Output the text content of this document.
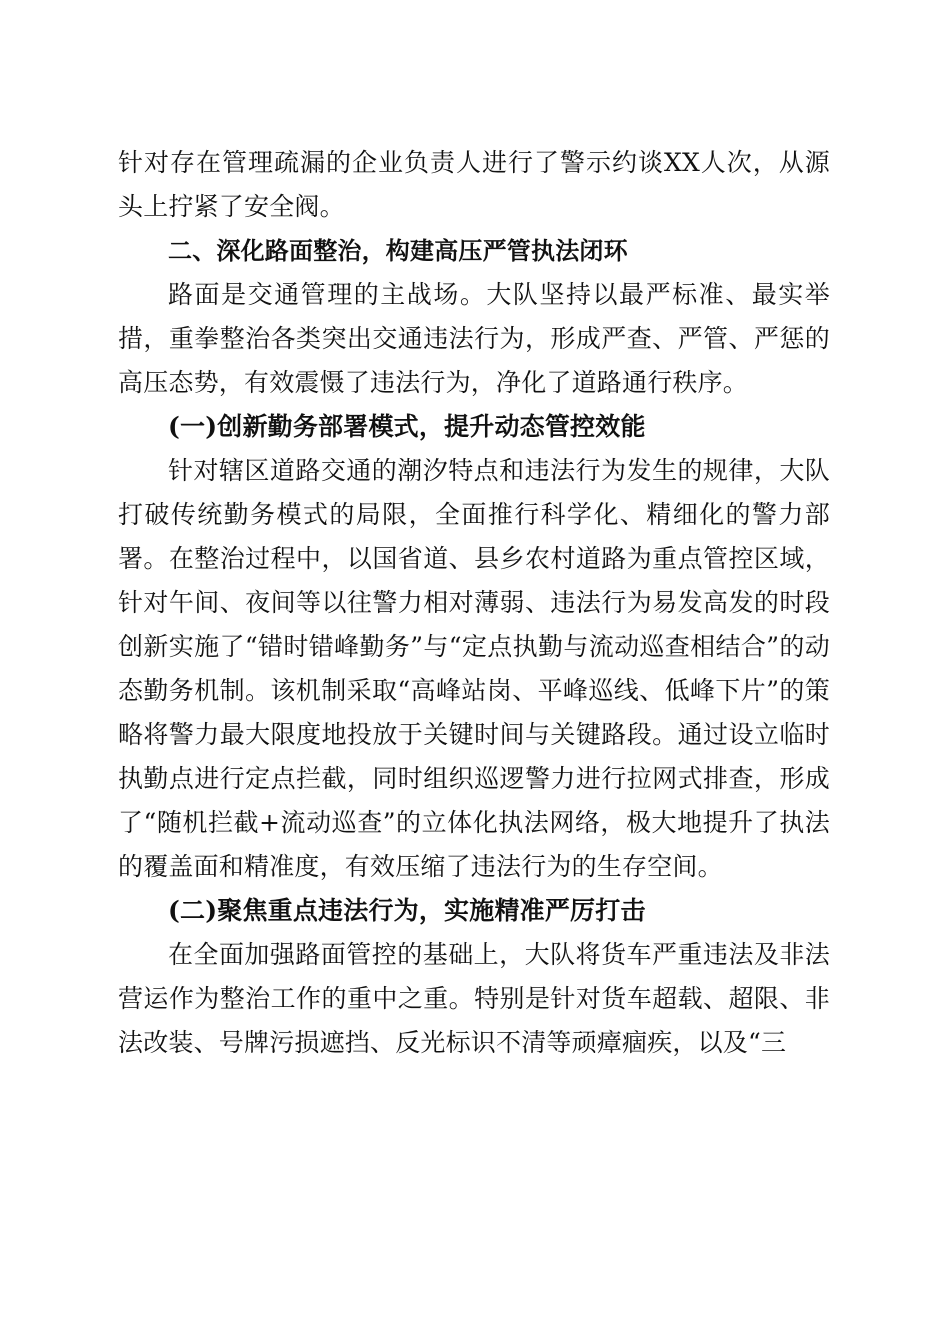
针对存在管理疏漏的企业负责人进行了警示约谈XX人次，从源头上拧紧了安全阀。

二、深化路面整治，构建高压严管执法闭环

路面是交通管理的主战场。大队坚持以最严标准、最实举措，重拳整治各类突出交通违法行为，形成严查、严管、严惩的高压态势，有效震慑了违法行为，净化了道路通行秩序。

(一)创新勤务部署模式，提升动态管控效能

针对辖区道路交通的潮汐特点和违法行为发生的规律，大队打破传统勤务模式的局限，全面推行科学化、精细化的警力部署。在整治过程中，以国省道、县乡农村道路为重点管控区域，针对午间、夜间等以往警力相对薄弱、违法行为易发高发的时段创新实施了“错时错峰勤务”与“定点执勤与流动巡查相结合”的动态勤务机制。该机制采取“高峰站岗、平峰巡线、低峰下片”的策略将警力最大限度地投放于关键时间与关键路段。通过设立临时执勤点进行定点拦截，同时组织巡逻警力进行拉网式排查，形成了“随机拦截+流动巡查”的立体化执法网络，极大地提升了执法的覆盖面和精准度，有效压缩了违法行为的生存空间。

(二)聚焦重点违法行为，实施精准严厉打击

在全面加强路面管控的基础上，大队将货车严重违法及非法营运作为整治工作的重中之重。特别是针对货车超载、超限、非法改装、号牌污损遮挡、反光标识不清等顽瘴痼疾，以及“三
